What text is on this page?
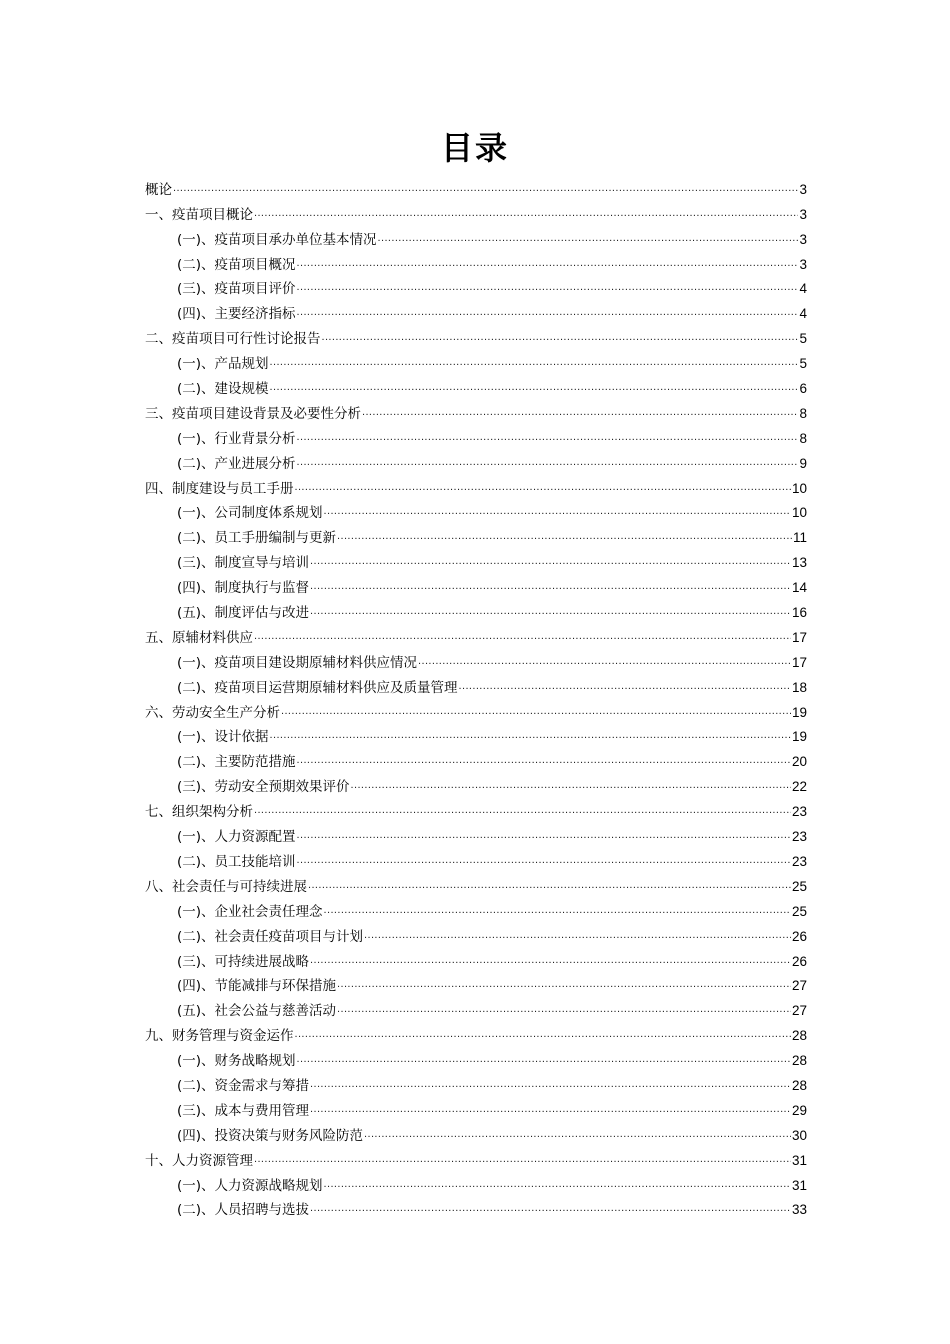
目录
概论 .....	3
一、疫苗项目概论 .....	3
(一)、疫苗项目承办单位基本情况 .....	3
(二)、疫苗项目概况 .....	3
(三)、疫苗项目评价 .....	4
(四)、主要经济指标 .....	4
二、疫苗项目可行性讨论报告 .....	5
(一)、产品规划 .....	5
(二)、建设规模 .....	6
三、疫苗项目建设背景及必要性分析 .....	8
(一)、行业背景分析 .....	8
(二)、产业进展分析 .....	9
四、制度建设与员工手册 .....	10
(一)、公司制度体系规划 .....	10
(二)、员工手册编制与更新 .....	11
(三)、制度宣导与培训 .....	13
(四)、制度执行与监督 .....	14
(五)、制度评估与改进 .....	16
五、原辅材料供应 .....	17
(一)、疫苗项目建设期原辅材料供应情况 .....	17
(二)、疫苗项目运营期原辅材料供应及质量管理 .....	18
六、劳动安全生产分析 .....	19
(一)、设计依据 .....	19
(二)、主要防范措施 .....	20
(三)、劳动安全预期效果评价 .....	22
七、组织架构分析 .....	23
(一)、人力资源配置 .....	23
(二)、员工技能培训 .....	23
八、社会责任与可持续进展 .....	25
(一)、企业社会责任理念 .....	25
(二)、社会责任疫苗项目与计划 .....	26
(三)、可持续进展战略 .....	26
(四)、节能减排与环保措施 .....	27
(五)、社会公益与慈善活动 .....	27
九、财务管理与资金运作 .....	28
(一)、财务战略规划 .....	28
(二)、资金需求与筹措 .....	28
(三)、成本与费用管理 .....	29
(四)、投资决策与财务风险防范 .....	30
十、人力资源管理 .....	31
(一)、人力资源战略规划 .....	31
(二)、人员招聘与选拔 .....	33
